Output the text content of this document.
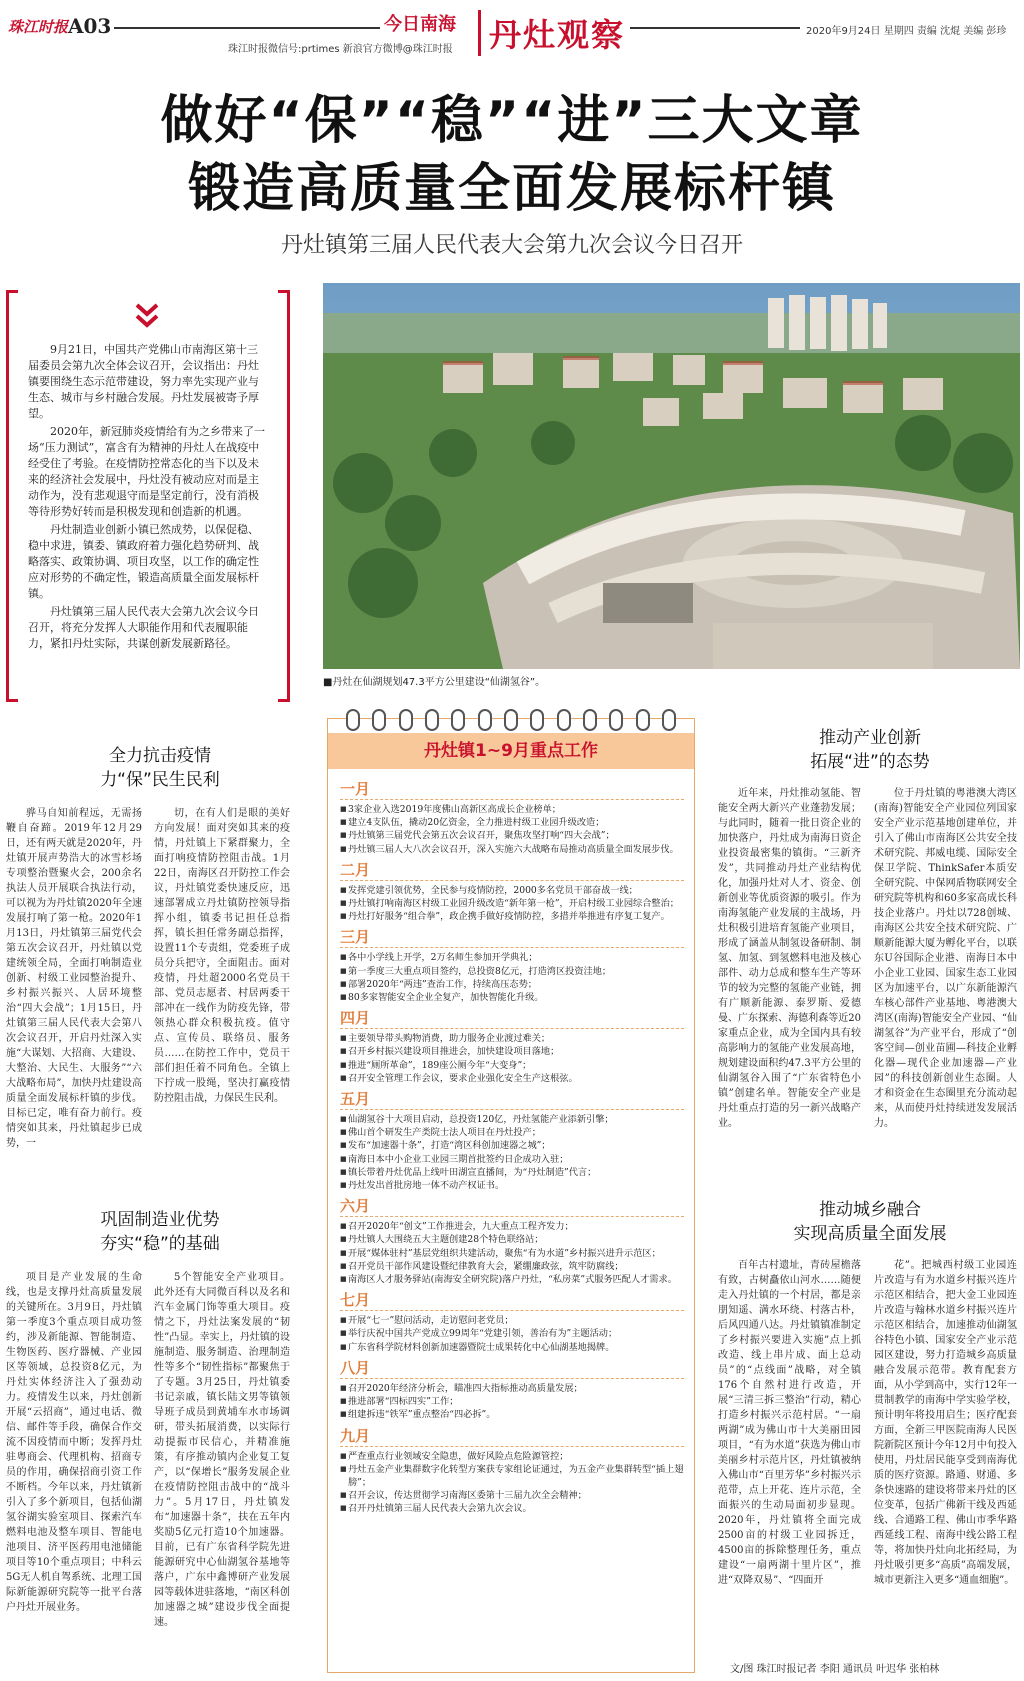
珠江时报 A03
珠江时报微信号:prtimes 新浪官方微博@珠江时报
今日南海	丹灶观察	2020年9月24日 星期四 责编 沈焜 美编 彭珍
做好“保”“稳”“进”三大文章
锻造高质量全面发展标杆镇
丹灶镇第三届人民代表大会第九次会议今日召开

9月21日，中国共产党佛山市南海区第十三届委员会第九次全体会议召开，会议指出：丹灶镇要围绕生态示范带建设，努力率先实现产业与生态、城市与乡村融合发展。丹灶发展被寄予厚望。

2020年，新冠肺炎疫情给有为之乡带来了一场“压力测试”，富含有为精神的丹灶人在战疫中经受住了考验。在疫情防控常态化的当下以及未来的经济社会发展中，丹灶没有被动应对而是主动作为，没有悲观退守而是坚定前行，没有消极等待形势好转而是积极发现和创造新的机遇。

丹灶制造业创新小镇已然成势，以保促稳、稳中求进，镇委、镇政府着力强化趋势研判、战略落实、政策协调、项目攻坚，以工作的确定性应对形势的不确定性，锻造高质量全面发展标杆镇。

丹灶镇第三届人民代表大会第九次会议今日召开，将充分发挥人大职能作用和代表履职能力，紧扣丹灶实际，共谋创新发展新路径。

■丹灶在仙湖规划47.3平方公里建设“仙湖氢谷”。
全力抗击疫情
力“保”民生民利

骅马自知前程远，无需扬鞭自奋蹄。2019年12月29日，还有两天就是2020年，丹灶镇开展声势浩大的冰雪杉场专项整治暨聚火会，200余名执法人员开展联合执法行动，可以视为为丹灶镇2020年全速发展打响了第一枪。2020年1月13日，丹灶镇第三届党代会第五次会议召开，丹灶镇以党建统领全局，全面打响制造业创新、村级工业园整治提升、乡村振兴振兴、人居环境整治“四大会战”；1月15日，丹灶镇第三届人民代表大会第八次会议召开，开启丹灶深入实施“大谋划、大招商、大建设、大整治、大民生、大服务”“六大战略布局”，加快丹灶建设高质量全面发展标杆镇的步伐。目标已定，唯有奋力前行。疫情突如其来，丹灶镇起步已成势，一

切，在有人们是眼的美好方向发展！面对突如其来的疫情，丹灶镇上下紧群聚力，全面打响疫情防控阻击战。1月22日，南海区召开防控工作会议，丹灶镇党委快速反应，迅速部署成立丹灶镇防控领导指挥小组，镇委书记担任总指挥，镇长担任常务副总指挥，设置11个专责组，党委班子成员分兵把守，全面阻击。面对疫情，丹灶超2000名党员干部、党员志愿者、村居两委干部冲在一线作为防疫先锋，带领热心群众积极抗疫。值守点、宣传员、联络员、服务员……在防控工作中，党员干部们担任着不同角色。全镇上下拧成一股绳，坚决打赢疫情防控阻击战，力保民生民利。

巩固制造业优势
夯实“稳”的基础

项目是产业发展的生命线，也是支撑丹灶高质量发展的关键所在。3月9日，丹灶镇第一季度3个重点项目成功签约，涉及新能源、智能制造、生物医药、医疗器械、产业园区等领域，总投资8亿元，为丹灶实体经济注入了强劲动力。疫情发生以来，丹灶创新开展“云招商”，通过电话、微信、邮件等手段，确保合作交流不因疫情而中断；发挥丹灶驻粤商会、代理机构、招商专员的作用，确保招商引资工作不断档。今年以来，丹灶镇新引入了多个新项目，包括仙湖氢谷湖实验室项目、探索汽车燃料电池及整车项目、智能电池项目、济平医药用电池储能项目等10个重点项目；中科云5G无人机自驾系统、北理工国际新能源研究院等一批平台落户丹灶开展业务。

5个智能安全产业项目。此外还有大同微百科以及名和汽车金属门饰等重大项目。疫情之下，丹灶法案发展的“韧性”凸显。幸实上，丹灶镇的设施制造、服务制造、治理制造性等多个“韧性指标”都聚焦于了专题。3月25日，丹灶镇委书记亲戚，镇长陆文男等镇领导班子成员到黄埔车水市场调研，带头拓展消费，以实际行动提振市民信心，并精准施策，有序推动镇内企业复工复产，以“保增长”服务发展企业在疫情防控阻击战中的“战斗力”。5月17日，丹灶镇发布“加速器十条”，扶在五年内奖励5亿元打造10个加速器。目前，已有广东省科学院先进能源研究中心仙湖氢谷基地等落户，广东中鑫博研产业发展园等载体进驻落地，“南区科创加速器之城”建设步伐全面提速。

丹灶镇1~9月重点工作
一月
■ 3家企业入选2019年度佛山高新区高成长企业榜单；
■ 建立4支队伍，撬动20亿资金，全力推进村级工业园升级改造；
■ 丹灶镇第三届党代会第五次会议召开，聚焦攻坚打响“四大会战”；
■ 丹灶镇三届人大八次会议召开，深入实施六大战略布局推动高质量全面发展步伐。
二月
■ 发挥党建引领优势，全民参与疫情防控，2000多名党员干部奋战一线；
■ 丹灶镇打响南海区村级工业园升级改造“新年第一枪”，开启村级工业园综合整治；
■ 丹灶打好服务“组合拳”，政企携手做好疫情防控，多措并举推进有序复工复产。
三月
■ 各中小学线上开学，2万名师生参加开学典礼；
■ 第一季度三大重点项目签约，总投资8亿元，打造湾区投资洼地；
■ 部署2020年“两违”查治工作，持续高压态势；
■ 80多家智能安全企业全复产，加快智能化升级。
四月
■ 主要领导带头购物消费，助力服务企业渡过难关；
■ 召开乡村振兴建设项目推进会，加快建设项目落地；
■ 推进“厕所革命”，189座公厕今年“大变身”；
■ 召开安全管理工作会议，要求企业强化安全生产这根弦。
五月
■ 仙湖氢谷十大项目启动，总投资120亿，丹灶氢能产业添新引擎；
■ 佛山首个研发生产类院士法人项目在丹灶投产；
■ 发布“加速器十条”，打造“湾区科创加速器之城”；
■ 南海日本中小企业工业园三期首批签约日企成功入驻；
■ 镇长带着丹灶优品上线叶田湖宣直播间，为“丹灶制造”代言；
■ 丹灶发出首批房地一体不动产权证书。
六月
■ 召开2020年“创文”工作推进会，九大重点工程齐发力；
■ 丹灶镇人大围绕五大主题创建28个特色联络站；
■ 开展“媒体驻村”基层党组织共建活动，聚焦“有为水道”乡村振兴进升示范区；
■ 召开党员干部作风建设暨纪律教育大会，紧绷廉政弦，筑牢防腐线；
■ 南海区人才服务驿站(南海安全研究院)落户丹灶，“私房菜”式服务匹配人才需求。
七月
■ 开展“七一”慰问活动，走访慰问老党员；
■ 举行庆祝中国共产党成立99周年“党建引领，善治有为”主题活动；
■ 广东省科学院材料创新加速器暨院士成果转化中心仙湖基地揭牌。
八月
■ 召开2020年经济分析会，瞄准四大指标推动高质量发展；
■ 推进部署“四标四实”工作；
■ 组建拆违“铁军”重点整治“四必拆”。
九月
■ 严查重点行业领域安全隐患，做好风险点危险源管控；
■ 丹灶五金产业集群数字化转型方案获专家组论证通过，为五金产业集群转型“插上翅膀”；
■ 召开会议，传达贯彻学习南海区委第十三届九次全会精神；
■ 召开丹灶镇第三届人民代表大会第九次会议。
推动产业创新
拓展“进”的态势

近年来，丹灶推动氢能、智能安全两大新兴产业蓬勃发展；与此同时，随着一批日资企业的加快落户，丹灶成为南海日资企业投资最密集的镇街。“三新齐发”，共同推动丹灶产业结构优化，加强丹灶对人才、资金、创新创业等优质资源的吸引。作为南海氢能产业发展的主战场，丹灶积极引进培育氢能产业项目，形成了涵盖从制氢设备研制、制氢、加氢、到氢燃料电池及核心部件、动力总成和整车生产等环节的较为完整的氢能产业链，拥有广顺新能源、泰罗斯、爱德曼、广东探索、海德利森等近20家重点企业，成为全国内具有较高影响力的氢能产业发展高地，规划建设面积约47.3平方公里的仙湖氢谷入围了“广东省特色小镇”创建名单。智能安全产业是丹灶重点打造的另一新兴战略产业。

位于丹灶镇的粤港澳大湾区(南海)智能安全产业园位列国家安全产业示范基地创建单位，并引入了佛山市南海区公共安全技术研究院、邦威电缆、国际安全保卫学院、ThinkSafer本质安全研究院、中保网盾物联网安全研究院等机构和60多家高成长科技企业落户。丹灶以728创城、南海区公共安全技术研究院、广顺新能源大厦为孵化平台，以联东U谷国际企业港、南海日本中小企业工业园、国家生态工业园区为加速平台，以广东新能源汽车核心部件产业基地、粤港澳大湾区(南海)智能安全产业园、“仙湖氢谷”为产业平台，形成了“创客空间—创业苗圃—科技企业孵化器—现代企业加速器—产业园”的科技创新创业生态圈。人才和资金在生态圈里充分流动起来，从而使丹灶持续迸发发展活力。

推动城乡融合
实现高质量全面发展

百年古村遗址，青砖屋檐落有致，古树矗依山河水……随便走入丹灶镇的一个村居，都是亲朋知遥、满水环绕、村落古朴，后风四通八达。丹灶镇镇准制定了乡村振兴要进入实施”点上抓改造、线上串片成、面上总动员”的“点线面”战略，对全镇176个自然村进行改造，开展“三清三拆三整治”行动，精心打造乡村振兴示范村居。“一扇两湖”成为佛山市十大美丽田园项目，“有为水道”获选为佛山市美丽乡村示范片区，丹灶镇被纳入佛山市“百里芳华”乡村振兴示范带，点上开花、连片示范，全面振兴的生动局面初步显现。2020年，丹灶镇将全面完成2500亩的村级工业园拆迁，4500亩的拆除整理任务，重点建设“一扇两湖十里片区”，推进“双降双易”、“四面开

花”。把城西村级工业园连片改造与有为水道乡村振兴连片示范区相结合，把大金工业园连片改造与翰林水道乡村振兴连片示范区相结合，加速推动仙湖氢谷特色小镇、国家安全产业示范园区建设，努力打造城乡高质量融合发展示范带。教育配套方面，从小学到高中，实行12年一贯制教学的南海中学实验学校，预计明年将投用启生；医疗配套方面，全新三甲医院南海人民医院新院区预计今年12月中旬投入使用，丹灶居民能享受到南海优质的医疗资源。路通、财通、多条快速路的建设将带来丹灶的区位变革，包括广佛新干线及西延线、合通路工程、佛山市季华路西延线工程、南海中线公路工程等，将加快丹灶向北拓经局，为丹灶吸引更多“高质”高端发展，城市更新注入更多“通血细胞”。

文/图 珠江时报记者 李阳 通讯员 叶迟华 张柏林
